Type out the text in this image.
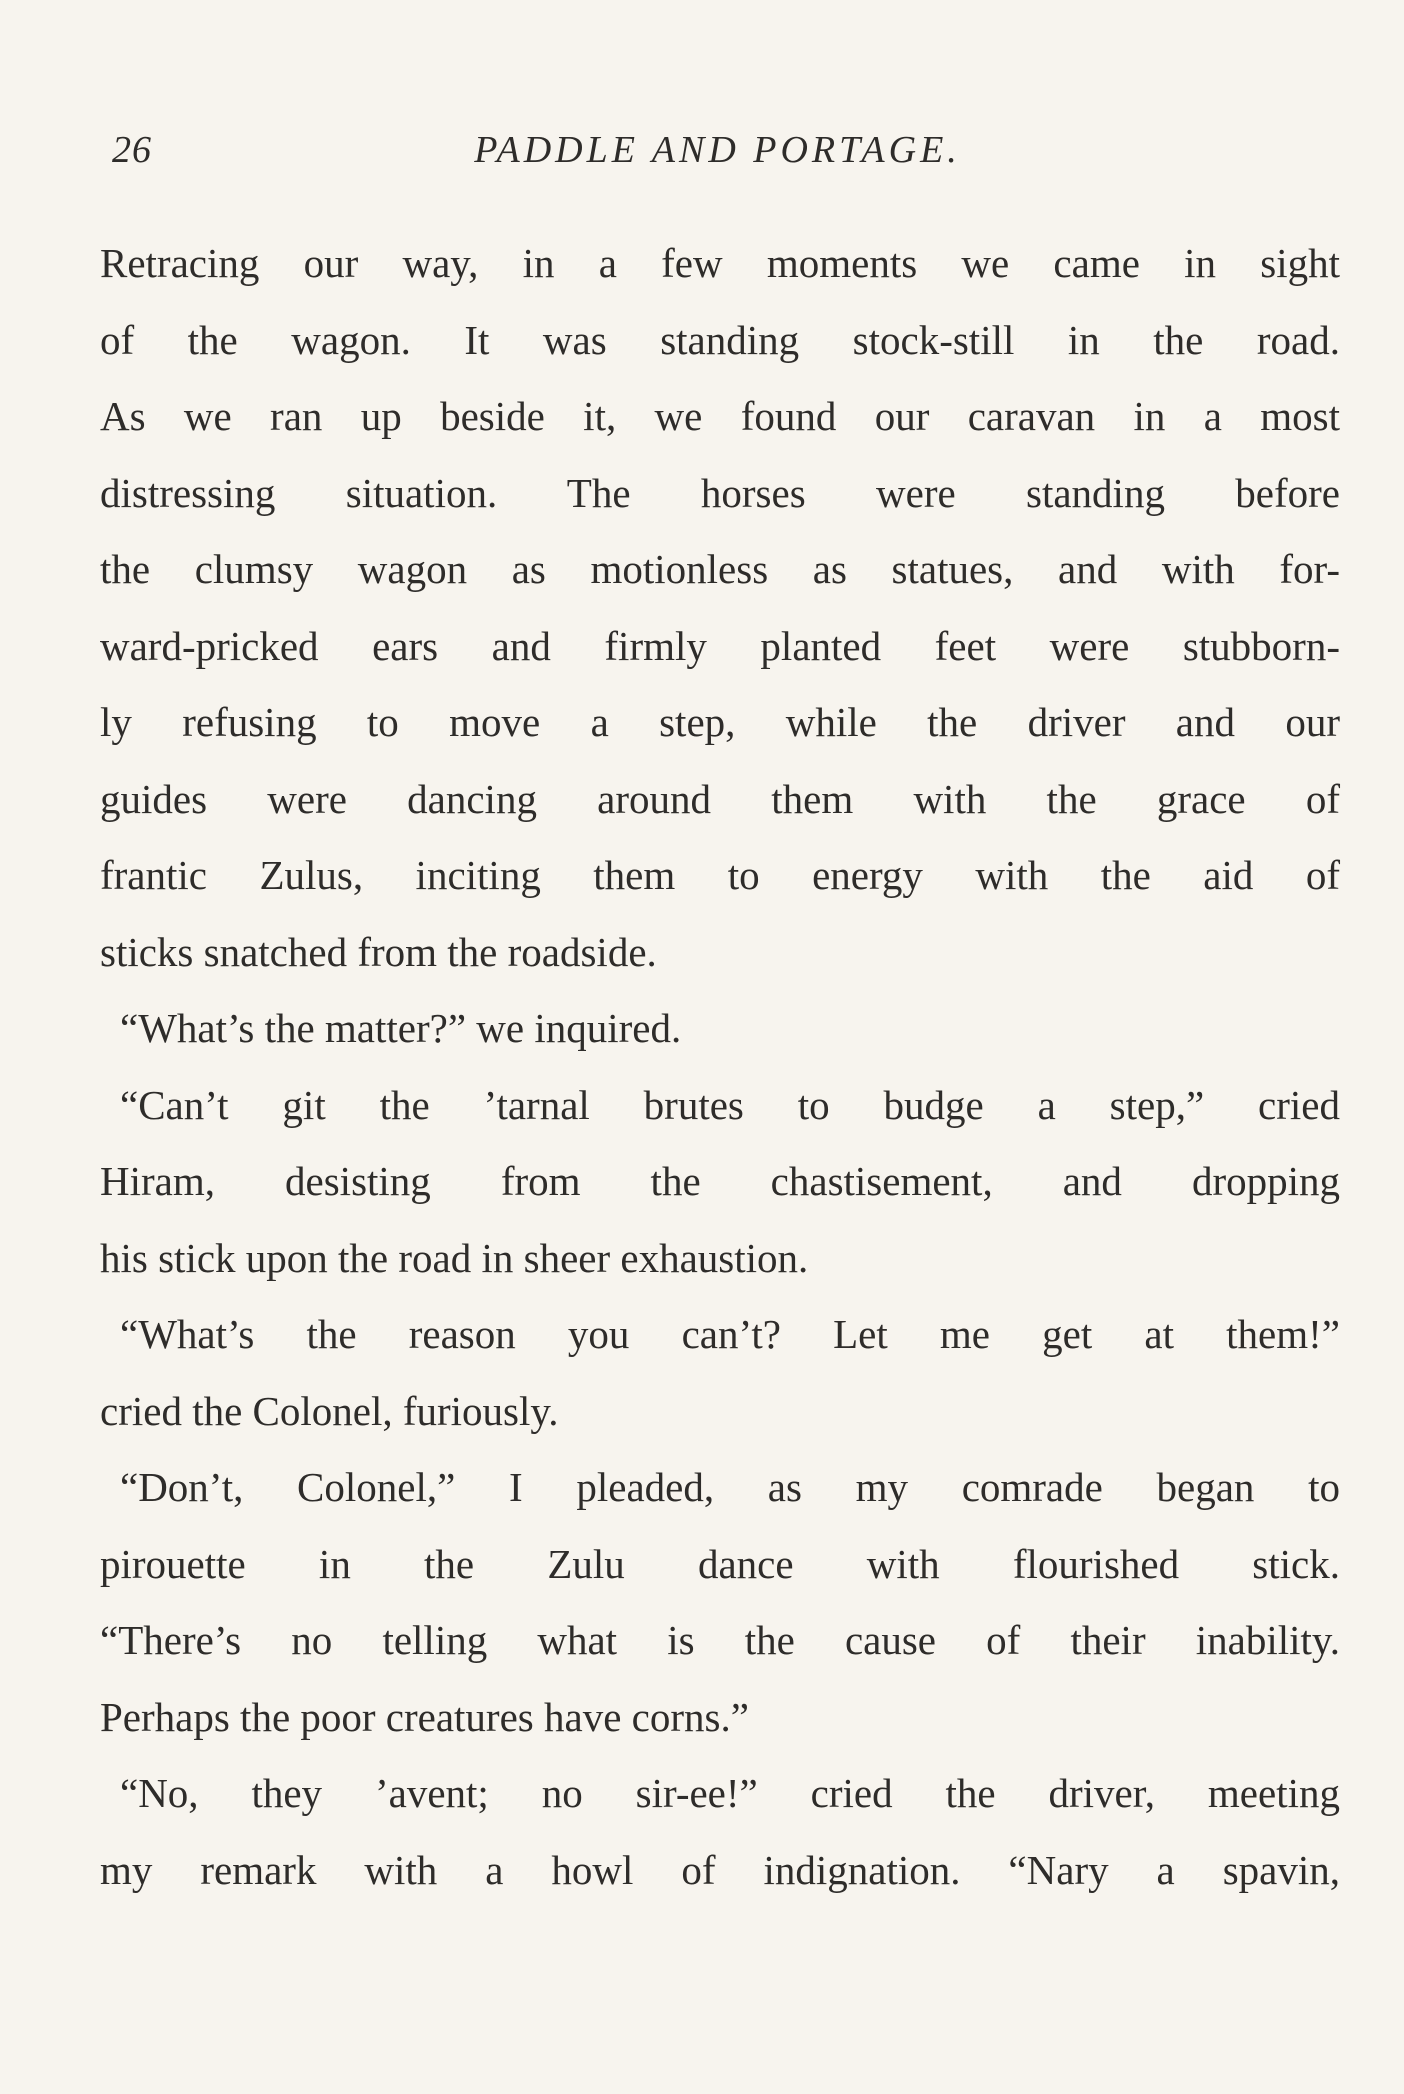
26	PADDLE AND PORTAGE.
Retracing our way, in a few moments we came in sight
of the wagon. It was standing stock-still in the road.
As we ran up beside it, we found our caravan in a most
distressing situation. The horses were standing before
the clumsy wagon as motionless as statues, and with for-
ward-pricked ears and firmly planted feet were stubborn-
ly refusing to move a step, while the driver and our
guides were dancing around them with the grace of
frantic Zulus, inciting them to energy with the aid of
sticks snatched from the roadside.
“What’s the matter?” we inquired.
“Can’t git the ’tarnal brutes to budge a step,” cried
Hiram, desisting from the chastisement, and dropping
his stick upon the road in sheer exhaustion.
“What’s the reason you can’t? Let me get at them!”
cried the Colonel, furiously.
“Don’t, Colonel,” I pleaded, as my comrade began to
pirouette in the Zulu dance with flourished stick.
“There’s no telling what is the cause of their inability.
Perhaps the poor creatures have corns.”
“No, they ’avent; no sir-ee!” cried the driver, meeting
my remark with a howl of indignation. “Nary a spavin,
